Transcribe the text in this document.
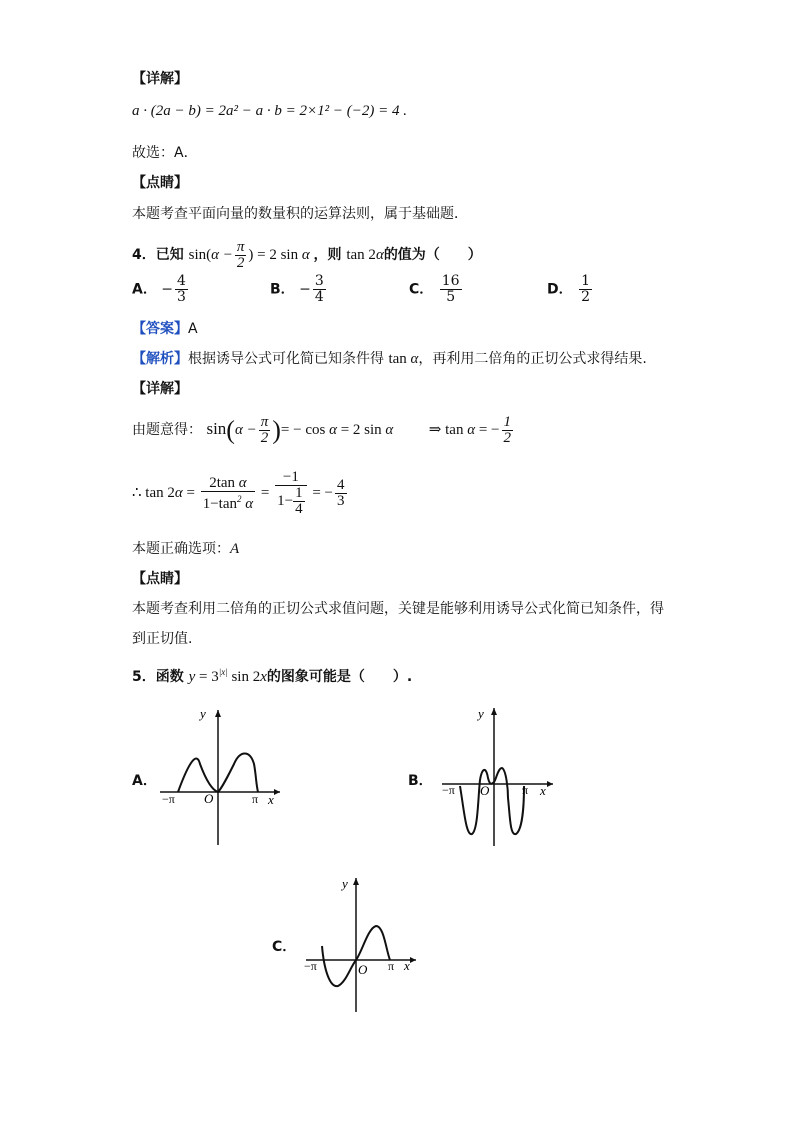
【详解】
a · (2a − b) = 2a² − a · b = 2×1² − (−2) = 4 .
故选：A．
【点睛】
本题考查平面向量的数量积的运算法则，属于基础题．
4．已知 $\sin(\alpha - \frac{\pi}{2}$ ) = 2 sin α ，则 tan 2α的值为（　　）
A． − $\frac{4}{3}$	B． − $\frac{3}{4}$	C． $\frac{16}{5}$	D． $\frac{1}{2}$
【答案】A
【解析】根据诱导公式可化简已知条件得 tan α，再利用二倍角的正切公式求得结果.
【详解】
由题意得： $\sin(\alpha - \frac{\pi}{2}$ )= − cos α = 2 sin α  ⇒ tan α = − $\frac{1}{2}$
∴ $\tan 2\alpha = \frac{\text{2tan α}}{1-\tan^2 \alpha} = \frac{-1}{1- \frac{1}{4}}$ = − $\frac{4}{3}$
本题正确选项：A
【点睛】
本题考查利用二倍角的正切公式求值问题，关键是能够利用诱导公式化简已知条件，得
到正切值.
5．函数 $y = 3^{|x|}$ sin 2x的图象可能是（　　）.
A．
y
x
O
−π	π
B．
y
x
O
−π	π
C．
y
x
O
−π	π
